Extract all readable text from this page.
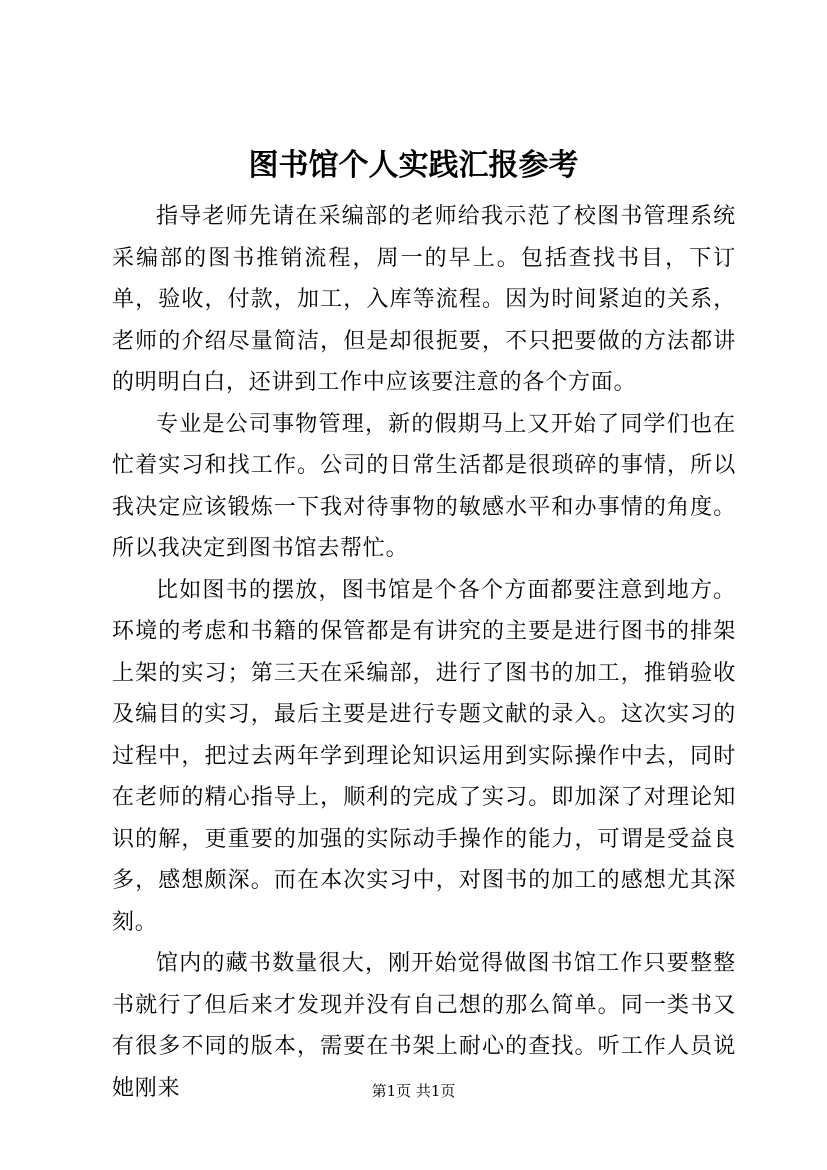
图书馆个人实践汇报参考

指导老师先请在采编部的老师给我示范了校图书管理系统采编部的图书推销流程，周一的早上。包括查找书目，下订单，验收，付款，加工，入库等流程。因为时间紧迫的关系，老师的介绍尽量简洁，但是却很扼要，不只把要做的方法都讲的明明白白，还讲到工作中应该要注意的各个方面。

专业是公司事物管理，新的假期马上又开始了同学们也在忙着实习和找工作。公司的日常生活都是很琐碎的事情，所以我决定应该锻炼一下我对待事物的敏感水平和办事情的角度。所以我决定到图书馆去帮忙。

比如图书的摆放，图书馆是个各个方面都要注意到地方。环境的考虑和书籍的保管都是有讲究的主要是进行图书的排架上架的实习；第三天在采编部，进行了图书的加工，推销验收及编目的实习，最后主要是进行专题文献的录入。这次实习的过程中，把过去两年学到理论知识运用到实际操作中去，同时在老师的精心指导上，顺利的完成了实习。即加深了对理论知识的解，更重要的加强的实际动手操作的能力，可谓是受益良多，感想颇深。而在本次实习中，对图书的加工的感想尤其深刻。

馆内的藏书数量很大，刚开始觉得做图书馆工作只要整整书就行了但后来才发现并没有自己想的那么简单。同一类书又有很多不同的版本，需要在书架上耐心的查找。听工作人员说她刚来	第1页 共1页
